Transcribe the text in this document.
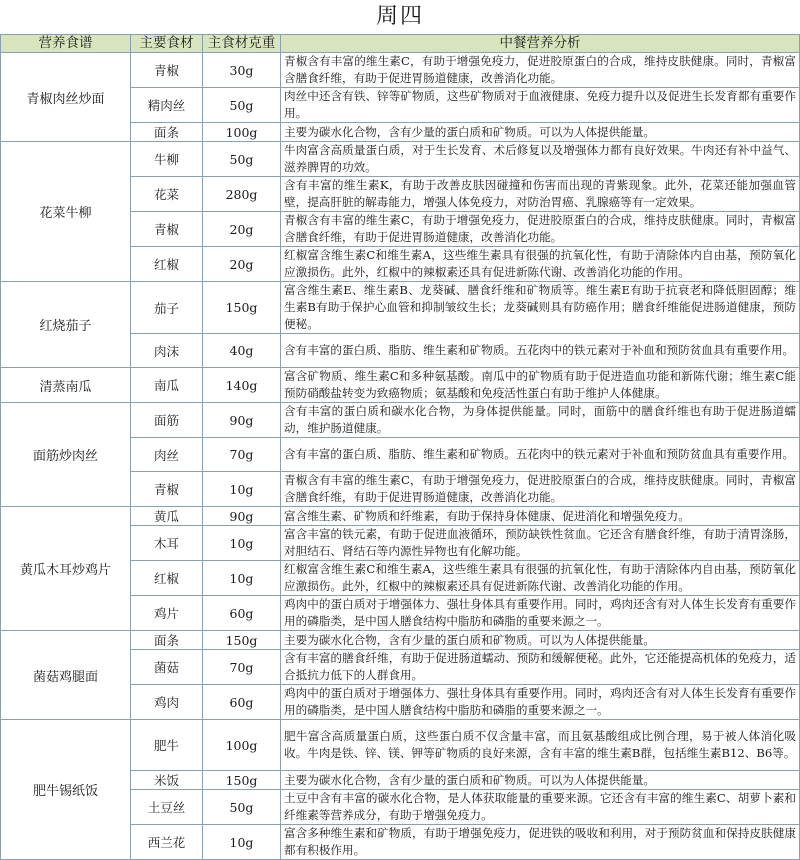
周四
营养食谱	主要食材	主食材克重	中餐营养分析
青椒肉丝炒面	青椒	30g	青椒含有丰富的维生素C，有助于增强免疫力，促进胶原蛋白的合成，维持皮肤健康。同时，青椒富含膳食纤维，有助于促进胃肠道健康，改善消化功能。
	精肉丝	50g	肉丝中还含有铁、锌等矿物质，这些矿物质对于血液健康、免疫力提升以及促进生长发育都有重要作用。
	面条	100g	主要为碳水化合物，含有少量的蛋白质和矿物质。可以为人体提供能量。
花菜牛柳	牛柳	50g	牛肉富含高质量蛋白质，对于生长发育、术后修复以及增强体力都有良好效果。牛肉还有补中益气、滋养脾胃的功效。
	花菜	280g	含有丰富的维生素K，有助于改善皮肤因碰撞和伤害而出现的青紫现象。此外，花菜还能加强血管壁，提高肝脏的解毒能力，增强人体免疫力，对防治胃癌、乳腺癌等有一定效果。
	青椒	20g	青椒含有丰富的维生素C，有助于增强免疫力，促进胶原蛋白的合成，维持皮肤健康。同时，青椒富含膳食纤维，有助于促进胃肠道健康，改善消化功能。
	红椒	20g	红椒富含维生素C和维生素A，这些维生素具有很强的抗氧化性，有助于清除体内自由基，预防氧化应激损伤。此外，红椒中的辣椒素还具有促进新陈代谢、改善消化功能的作用。
红烧茄子	茄子	150g	富含维生素E、维生素B、龙葵碱、膳食纤维和矿物质等。维生素E有助于抗衰老和降低胆固醇；维生素B有助于保护心血管和抑制皱纹生长；龙葵碱则具有防癌作用；膳食纤维能促进肠道健康，预防便秘。
	肉沫	40g	含有丰富的蛋白质、脂肪、维生素和矿物质。五花肉中的铁元素对于补血和预防贫血具有重要作用。
清蒸南瓜	南瓜	140g	富含矿物质、维生素C和多种氨基酸。南瓜中的矿物质有助于促进造血功能和新陈代谢；维生素C能预防硝酸盐转变为致癌物质；氨基酸和免疫活性蛋白有助于维护人体健康。
面筋炒肉丝	面筋	90g	含有丰富的蛋白质和碳水化合物，为身体提供能量。同时，面筋中的膳食纤维也有助于促进肠道蠕动，维护肠道健康。
	肉丝	70g	含有丰富的蛋白质、脂肪、维生素和矿物质。五花肉中的铁元素对于补血和预防贫血具有重要作用。
	青椒	10g	青椒含有丰富的维生素C，有助于增强免疫力，促进胶原蛋白的合成，维持皮肤健康。同时，青椒富含膳食纤维，有助于促进胃肠道健康，改善消化功能。
黄瓜木耳炒鸡片	黄瓜	90g	富含维生素、矿物质和纤维素，有助于保持身体健康、促进消化和增强免疫力。
	木耳	10g	富含丰富的铁元素，有助于促进血液循环，预防缺铁性贫血。它还含有膳食纤维，有助于清胃涤肠，对胆结石、肾结石等内源性异物也有化解功能。
	红椒	10g	红椒富含维生素C和维生素A，这些维生素具有很强的抗氧化性，有助于清除体内自由基，预防氧化应激损伤。此外，红椒中的辣椒素还具有促进新陈代谢、改善消化功能的作用。
	鸡片	60g	鸡肉中的蛋白质对于增强体力、强壮身体具有重要作用。同时，鸡肉还含有对人体生长发育有重要作用的磷脂类，是中国人膳食结构中脂肪和磷脂的重要来源之一。
菌菇鸡腿面	面条	150g	主要为碳水化合物，含有少量的蛋白质和矿物质。可以为人体提供能量。
	菌菇	70g	含有丰富的膳食纤维，有助于促进肠道蠕动、预防和缓解便秘。此外，它还能提高机体的免疫力，适合抵抗力低下的人群食用。
	鸡肉	60g	鸡肉中的蛋白质对于增强体力、强壮身体具有重要作用。同时，鸡肉还含有对人体生长发育有重要作用的磷脂类，是中国人膳食结构中脂肪和磷脂的重要来源之一。
肥牛锡纸饭	肥牛	100g	肥牛富含高质量蛋白质，这些蛋白质不仅含量丰富，而且氨基酸组成比例合理，易于被人体消化吸收。牛肉是铁、锌、镁、钾等矿物质的良好来源，含有丰富的维生素B群，包括维生素B12、B6等。
	米饭	150g	主要为碳水化合物，含有少量的蛋白质和矿物质。可以为人体提供能量。
	土豆丝	50g	土豆中含有丰富的碳水化合物，是人体获取能量的重要来源。它还含有丰富的维生素C、胡萝卜素和纤维素等营养成分，有助于增强免疫力。
	西兰花	10g	富含多种维生素和矿物质，有助于增强免疫力，促进铁的吸收和利用，对于预防贫血和保持皮肤健康都有积极作用。
